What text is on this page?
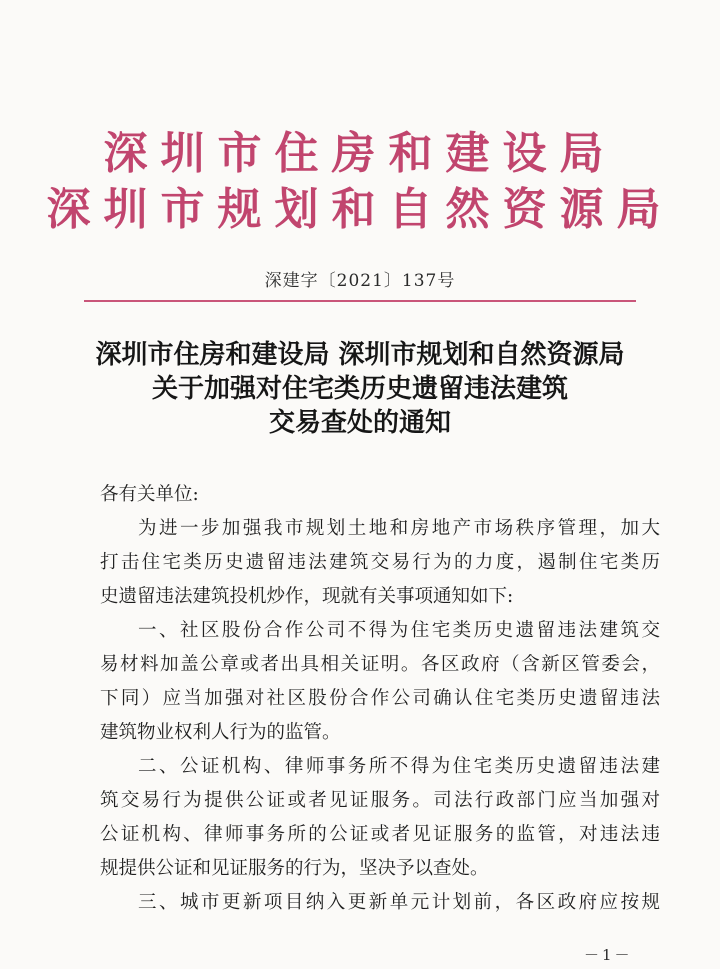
深圳市住房和建设局
深圳市规划和自然资源局
深建字〔2021〕137号
深圳市住房和建设局 深圳市规划和自然资源局
关于加强对住宅类历史遗留违法建筑
交易查处的通知
各有关单位:
为进一步加强我市规划土地和房地产市场秩序管理，加大
打击住宅类历史遗留违法建筑交易行为的力度，遏制住宅类历
史遗留违法建筑投机炒作，现就有关事项通知如下:
一、社区股份合作公司不得为住宅类历史遗留违法建筑交
易材料加盖公章或者出具相关证明。各区政府（含新区管委会，
下同）应当加强对社区股份合作公司确认住宅类历史遗留违法
建筑物业权利人行为的监管。
二、公证机构、律师事务所不得为住宅类历史遗留违法建
筑交易行为提供公证或者见证服务。司法行政部门应当加强对
公证机构、律师事务所的公证或者见证服务的监管，对违法违
规提供公证和见证服务的行为，坚决予以查处。
三、城市更新项目纳入更新单元计划前，各区政府应按规
－1－
